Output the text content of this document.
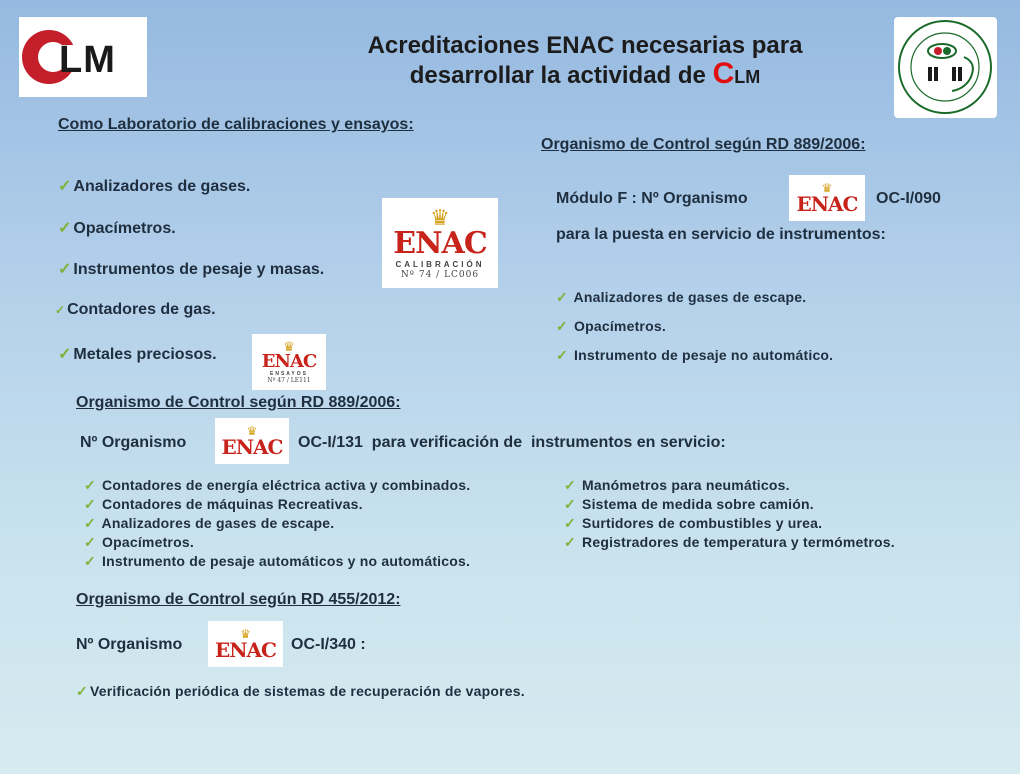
LM	Acreditaciones ENAC necesarias para
desarrollar la actividad de CLM
Como Laboratorio de calibraciones y ensayos:
✓ Analizadores de gases.
✓ Opacímetros.
✓ Instrumentos de pesaje y masas.
✓ Contadores de gas.
✓ Metales preciosos.
♛
ENAC
CALIBRACIÓN
Nº 74 / LC006
♛
ENAC
ENSAYOS
Nº 47 / LE111
Organismo de Control según RD 889/2006:
Módulo F : Nº Organismo
♛
ENAC OC-I/090
para la puesta en servicio de instrumentos:
✓ Analizadores de gases de escape.
✓ Opacímetros.
✓ Instrumento de pesaje no automático.
Organismo de Control según RD 889/2006:
Nº Organismo
♛
ENAC OC-I/131  para verificación de  instrumentos en servicio:
✓ Contadores de energía eléctrica activa y combinados.
✓ Contadores de máquinas Recreativas.
✓ Analizadores de gases de escape.
✓ Opacímetros.
✓ Instrumento de pesaje automáticos y no automáticos.
✓ Manómetros para neumáticos.
✓ Sistema de medida sobre camión.
✓ Surtidores de combustibles y urea.
✓ Registradores de temperatura y termómetros.
Organismo de Control según RD 455/2012:
Nº Organismo
♛
ENAC OC-I/340 :
✓ Verificación periódica de sistemas de recuperación de vapores.
